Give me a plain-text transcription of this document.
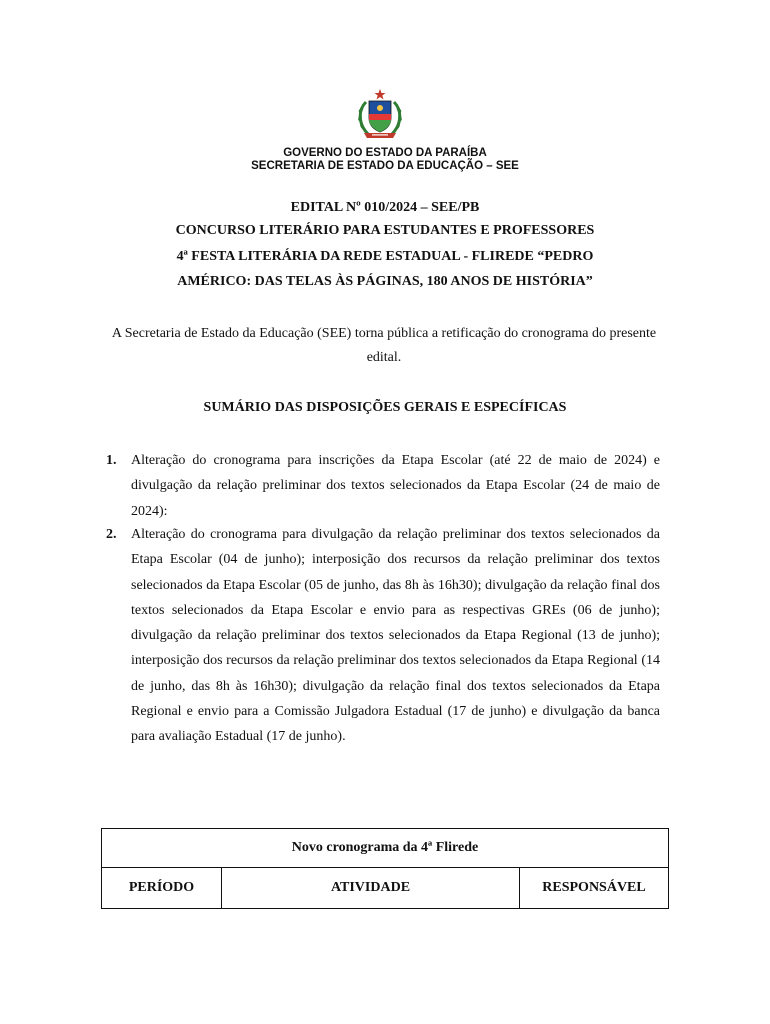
GOVERNO DO ESTADO DA PARAÍBA
SECRETARIA DE ESTADO DA EDUCAÇÃO – SEE
EDITAL Nº 010/2024 – SEE/PB
CONCURSO LITERÁRIO PARA ESTUDANTES E PROFESSORES
4ª FESTA LITERÁRIA DA REDE ESTADUAL - FLIREDE “PEDRO
AMÉRICO: DAS TELAS ÀS PÁGINAS, 180 ANOS DE HISTÓRIA”
A Secretaria de Estado da Educação (SEE) torna pública a retificação do cronograma do presente edital.
SUMÁRIO DAS DISPOSIÇÕES GERAIS E ESPECÍFICAS
1. Alteração do cronograma para inscrições da Etapa Escolar (até 22 de maio de 2024) e divulgação da relação preliminar dos textos selecionados da Etapa Escolar (24 de maio de 2024):
2. Alteração do cronograma para divulgação da relação preliminar dos textos selecionados da Etapa Escolar (04 de junho); interposição dos recursos da relação preliminar dos textos selecionados da Etapa Escolar (05 de junho, das 8h às 16h30); divulgação da relação final dos textos selecionados da Etapa Escolar e envio para as respectivas GREs (06 de junho); divulgação da relação preliminar dos textos selecionados da Etapa Regional (13 de junho); interposição dos recursos da relação preliminar dos textos selecionados da Etapa Regional (14 de junho, das 8h às 16h30); divulgação da relação final dos textos selecionados da Etapa Regional e envio para a Comissão Julgadora Estadual (17 de junho) e divulgação da banca para avaliação Estadual (17 de junho).
Novo cronograma da 4ª Flirede
PERÍODO	ATIVIDADE	RESPONSÁVEL
